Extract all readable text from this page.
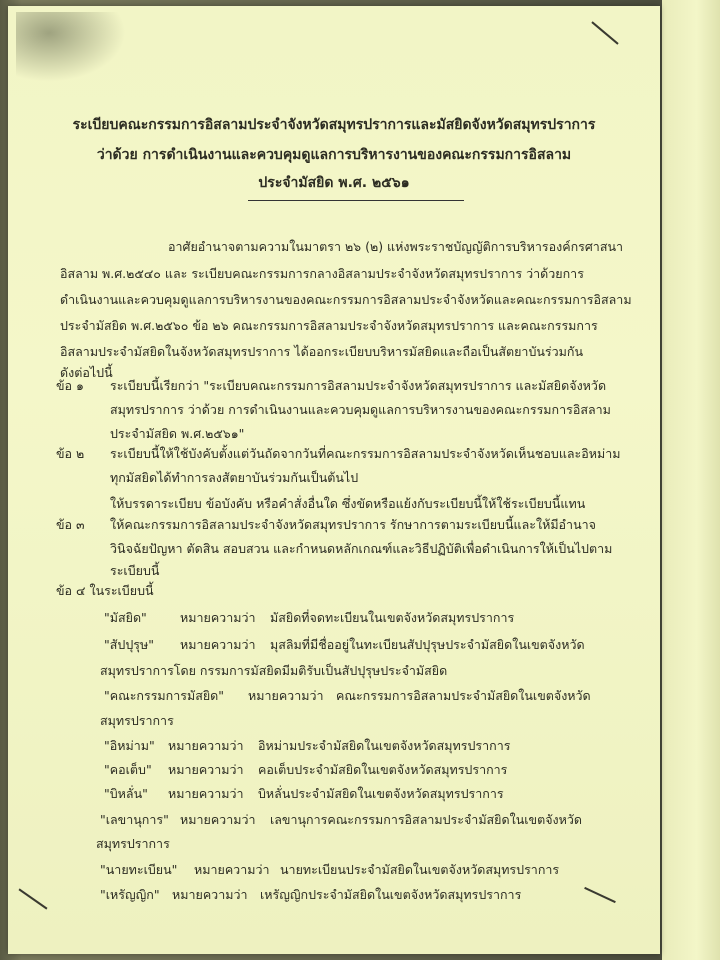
ระเบียบคณะกรรมการอิสลามประจำจังหวัดสมุทรปราการและมัสยิดจังหวัดสมุทรปราการ
ว่าด้วย การดำเนินงานและควบคุมดูแลการบริหารงานของคณะกรรมการอิสลาม
ประจำมัสยิด พ.ศ. ๒๕๖๑
อาศัยอำนาจตามความในมาตรา ๒๖ (๒) แห่งพระราชบัญญัติการบริหารองค์กรศาสนา
อิสลาม พ.ศ.๒๕๔๐ และ ระเบียบคณะกรรมการกลางอิสลามประจำจังหวัดสมุทรปราการ ว่าด้วยการ
ดำเนินงานและควบคุมดูแลการบริหารงานของคณะกรรมการอิสลามประจำจังหวัดและคณะกรรมการอิสลาม
ประจำมัสยิด พ.ศ.๒๕๖๐ ข้อ ๒๖ คณะกรรมการอิสลามประจำจังหวัดสมุทรปราการ และคณะกรรมการ
อิสลามประจำมัสยิดในจังหวัดสมุทรปราการ ได้ออกระเบียบบริหารมัสยิดและถือเป็นสัตยาบันร่วมกัน
ดังต่อไปนี้
ข้อ ๑ ระเบียบนี้เรียกว่า "ระเบียบคณะกรรมการอิสลามประจำจังหวัดสมุทรปราการ และมัสยิดจังหวัด
สมุทรปราการ ว่าด้วย การดำเนินงานและควบคุมดูแลการบริหารงานของคณะกรรมการอิสลาม
ประจำมัสยิด พ.ศ.๒๕๖๑"
ข้อ ๒ ระเบียบนี้ให้ใช้บังคับตั้งแต่วันถัดจากวันที่คณะกรรมการอิสลามประจำจังหวัดเห็นชอบและอิหม่าม
ทุกมัสยิดได้ทำการลงสัตยาบันร่วมกันเป็นต้นไป
ให้บรรดาระเบียบ ข้อบังคับ หรือคำสั่งอื่นใด ซึ่งขัดหรือแย้งกับระเบียบนี้ให้ใช้ระเบียบนี้แทน
ข้อ ๓ ให้คณะกรรมการอิสลามประจำจังหวัดสมุทรปราการ รักษาการตามระเบียบนี้และให้มีอำนาจ
วินิจฉัยปัญหา ตัดสิน สอบสวน และกำหนดหลักเกณฑ์และวิธีปฏิบัติเพื่อดำเนินการให้เป็นไปตาม
ระเบียบนี้
ข้อ ๔ ในระเบียบนี้
"มัสยิด"	หมายความว่า มัสยิดที่จดทะเบียนในเขตจังหวัดสมุทรปราการ
"สัปปุรุษ" หมายความว่า มุสลิมที่มีชื่ออยู่ในทะเบียนสัปปุรุษประจำมัสยิดในเขตจังหวัด
สมุทรปราการโดย กรรมการมัสยิดมีมติรับเป็นสัปปุรุษประจำมัสยิด
"คณะกรรมการมัสยิด" หมายความว่า คณะกรรมการอิสลามประจำมัสยิดในเขตจังหวัด
สมุทรปราการ
"อิหม่าม" หมายความว่า อิหม่ามประจำมัสยิดในเขตจังหวัดสมุทรปราการ
"คอเต็บ" หมายความว่า คอเต็บประจำมัสยิดในเขตจังหวัดสมุทรปราการ
"บิหลั่น" หมายความว่า บิหลั่นประจำมัสยิดในเขตจังหวัดสมุทรปราการ
"เลขานุการ" หมายความว่า เลขานุการคณะกรรมการอิสลามประจำมัสยิดในเขตจังหวัด
สมุทรปราการ
"นายทะเบียน" หมายความว่า นายทะเบียนประจำมัสยิดในเขตจังหวัดสมุทรปราการ
"เหรัญญิก" หมายความว่า เหรัญญิกประจำมัสยิดในเขตจังหวัดสมุทรปราการ
